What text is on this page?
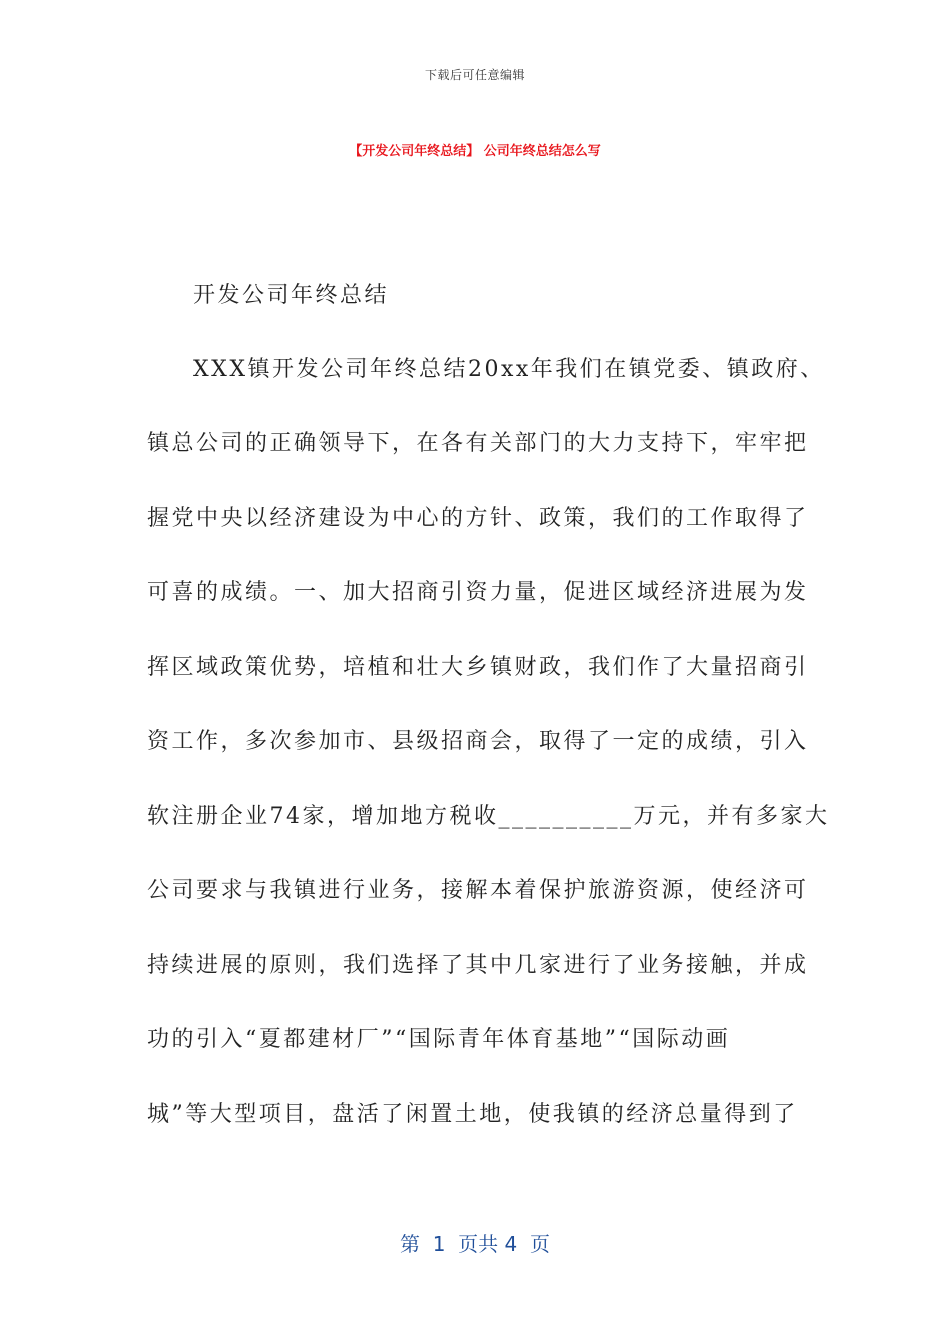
下载后可任意编辑
【开发公司年终总结】 公司年终总结怎么写
开发公司年终总结
XXX镇开发公司年终总结20xx年我们在镇党委、镇政府、
镇总公司的正确领导下，在各有关部门的大力支持下，牢牢把
握党中央以经济建设为中心的方针、政策，我们的工作取得了
可喜的成绩。一、加大招商引资力量，促进区域经济进展为发
挥区域政策优势，培植和壮大乡镇财政，我们作了大量招商引
资工作，多次参加市、县级招商会，取得了一定的成绩，引入
软注册企业74家，增加地方税收__________万元，并有多家大
公司要求与我镇进行业务，接解本着保护旅游资源，使经济可
持续进展的原则，我们选择了其中几家进行了业务接触，并成
功的引入“夏都建材厂”“国际青年体育基地”“国际动画
城”等大型项目，盘活了闲置土地，使我镇的经济总量得到了
第  1  页共 4  页
